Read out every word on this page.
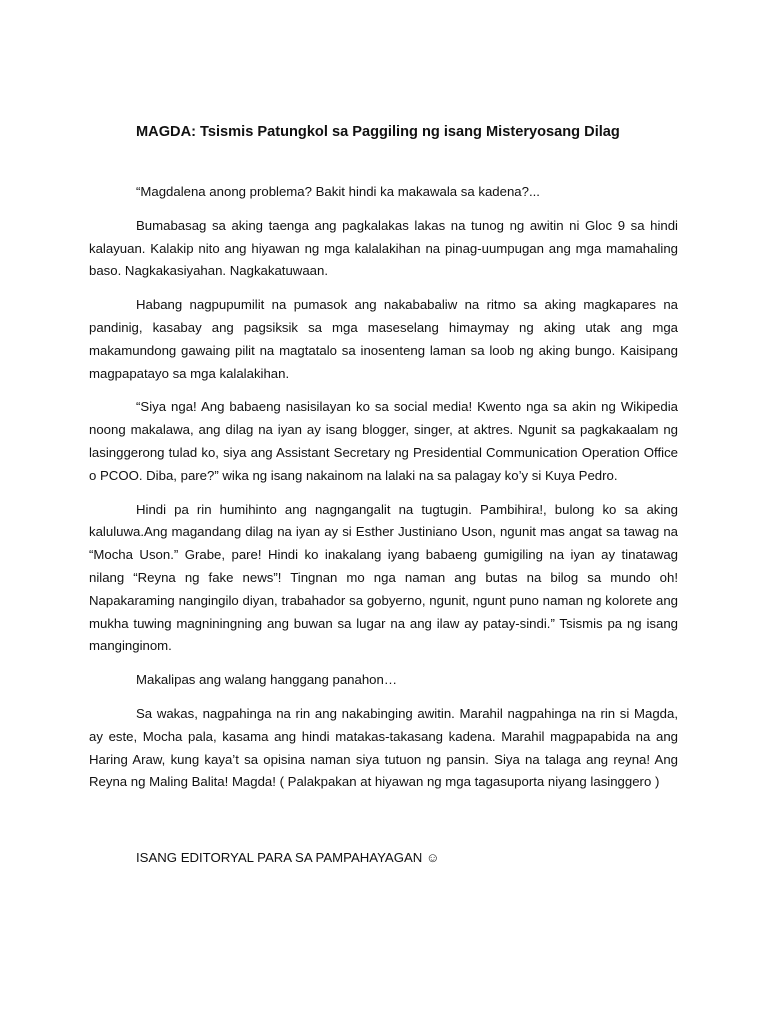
MAGDA: Tsismis Patungkol sa Paggiling ng isang Misteryosang Dilag

“Magdalena anong problema? Bakit hindi ka makawala sa kadena?...

Bumabasag sa aking taenga ang pagkalakas lakas na tunog ng awitin ni Gloc 9 sa hindi kalayuan. Kalakip nito ang hiyawan ng mga kalalakihan na pinag-uumpugan ang mga mamahaling baso. Nagkakasiyahan. Nagkakatuwaan.

Habang nagpupumilit na pumasok ang nakababaliw na ritmo sa aking magkapares na pandinig, kasabay ang pagsiksik sa mga maseselang himaymay ng aking utak ang mga makamundong gawaing pilit na magtatalo sa inosenteng laman sa loob ng aking bungo. Kaisipang magpapatayo sa mga kalalakihan.

“Siya nga! Ang babaeng nasisilayan ko sa social media! Kwento nga sa akin ng Wikipedia noong makalawa, ang dilag na iyan ay isang blogger, singer, at aktres. Ngunit sa pagkakaalam ng lasinggerong tulad ko, siya ang Assistant Secretary ng Presidential Communication Operation Office o PCOO. Diba, pare?” wika ng isang nakainom na lalaki na sa palagay ko’y si Kuya Pedro.

Hindi pa rin humihinto ang nagngangalit na tugtugin. Pambihira!, bulong ko sa aking kaluluwa.Ang magandang dilag na iyan ay si Esther Justiniano Uson, ngunit mas angat sa tawag na “Mocha Uson.” Grabe, pare! Hindi ko inakalang iyang babaeng gumigiling na iyan ay tinatawag nilang “Reyna ng fake news”! Tingnan mo nga naman ang butas na bilog sa mundo oh! Napakaraming nangingilo diyan, trabahador sa gobyerno, ngunit, ngunt puno naman ng kolorete ang mukha tuwing magniningning ang buwan sa lugar na ang ilaw ay patay-sindi.” Tsismis pa ng isang manginginom.

Makalipas ang walang hanggang panahon…

Sa wakas, nagpahinga na rin ang nakabinging awitin. Marahil nagpahinga na rin si Magda, ay este, Mocha pala, kasama ang hindi matakas-takasang kadena. Marahil magpapabida na ang Haring Araw, kung kaya’t sa opisina naman siya tutuon ng pansin. Siya na talaga ang reyna! Ang Reyna ng Maling Balita! Magda! ( Palakpakan at hiyawan ng mga tagasuporta niyang lasinggero )

ISANG EDITORYAL PARA SA PAMPAHAYAGAN ☺
